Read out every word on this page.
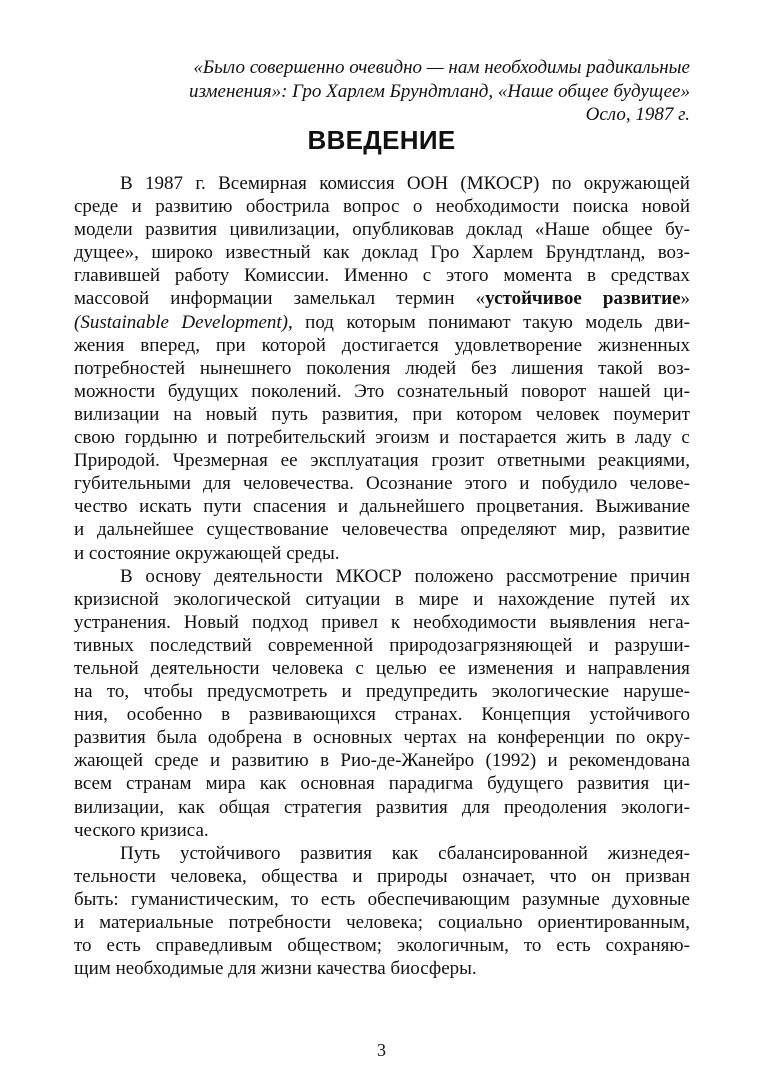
«Было совершенно очевидно — нам необходимы радикальные
изменения»: Гро Харлем Брундтланд, «Наше общее будущее»
Осло, 1987 г.
ВВЕДЕНИЕ
В 1987 г. Всемирная комиссия ООН (МКОСР) по окружающей
среде и развитию обострила вопрос о необходимости поиска новой
модели развития цивилизации, опубликовав доклад «Наше общее бу-
дущее», широко известный как доклад Гро Харлем Брундтланд, воз-
главившей работу Комиссии. Именно с этого момента в средствах
массовой информации замелькал термин «устойчивое развитие»
(Sustainable Development), под которым понимают такую модель дви-
жения вперед, при которой достигается удовлетворение жизненных
потребностей нынешнего поколения людей без лишения такой воз-
можности будущих поколений. Это сознательный поворот нашей ци-
вилизации на новый путь развития, при котором человек поумерит
свою гордыню и потребительский эгоизм и постарается жить в ладу с
Природой. Чрезмерная ее эксплуатация грозит ответными реакциями,
губительными для человечества. Осознание этого и побудило челове-
чество искать пути спасения и дальнейшего процветания. Выживание
и дальнейшее существование человечества определяют мир, развитие
и
состояние
окружающей
среды.
В основу деятельности МКОСР положено рассмотрение причин
кризисной экологической ситуации в мире и нахождение путей их
устранения. Новый подход привел к необходимости выявления нега-
тивных последствий современной природозагрязняющей и разруши-
тельной деятельности человека с целью ее изменения и направления
на то, чтобы предусмотреть и предупредить экологические наруше-
ния, особенно в развивающихся странах. Концепция устойчивого
развития была одобрена в основных чертах на конференции по окру-
жающей среде и развитию в Рио-де-Жанейро (1992) и рекомендована
всем странам мира как основная парадигма будущего развития ци-
вилизации, как общая стратегия развития для преодоления экологи-
ческого
кризиса.
Путь устойчивого развития как сбалансированной жизнедея-
тельности человека, общества и природы означает, что он призван
быть: гуманистическим, то есть обеспечивающим разумные духовные
и материальные потребности человека; социально ориентированным,
то есть справедливым обществом; экологичным, то есть сохраняю-
щим
необходимые
для
жизни
качества
биосферы.
3
